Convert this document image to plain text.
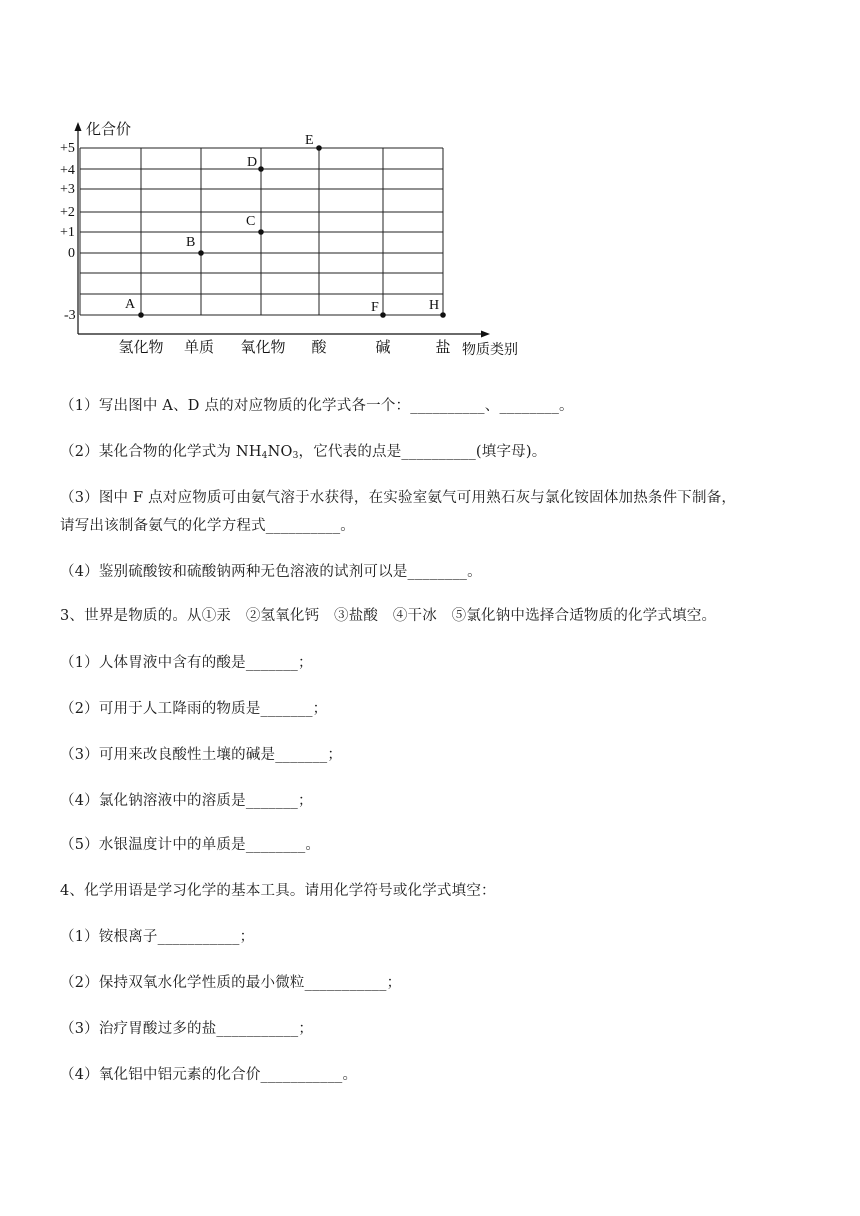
化合价
物质类别
+5
+4
+3
+2
+1
0
-3
氢化物 单质 氧化物 酸	碱	盐
A
B
C
D
E
F	H
（1）写出图中 A、D 点的对应物质的化学式各一个：__________、________。
（2）某化合物的化学式为 $NH_4NO_3$，它代表的点是__________(填字母)。
（3）图中 F 点对应物质可由氨气溶于水获得，在实验室氨气可用熟石灰与氯化铵固体加热条件下制备，
请写出该制备氨气的化学方程式__________。
（4）鉴别硫酸铵和硫酸钠两种无色溶液的试剂可以是________。
3、世界是物质的。从①汞　②氢氧化钙　③盐酸　④干冰　⑤氯化钠中选择合适物质的化学式填空。
（1）人体胃液中含有的酸是_______；
（2）可用于人工降雨的物质是_______；
（3）可用来改良酸性土壤的碱是_______；
（4）氯化钠溶液中的溶质是_______；
（5）水银温度计中的单质是________。
4、化学用语是学习化学的基本工具。请用化学符号或化学式填空：
（1）铵根离子___________；
（2）保持双氧水化学性质的最小微粒___________；
（3）治疗胃酸过多的盐___________；
（4）氧化铝中铝元素的化合价___________。
